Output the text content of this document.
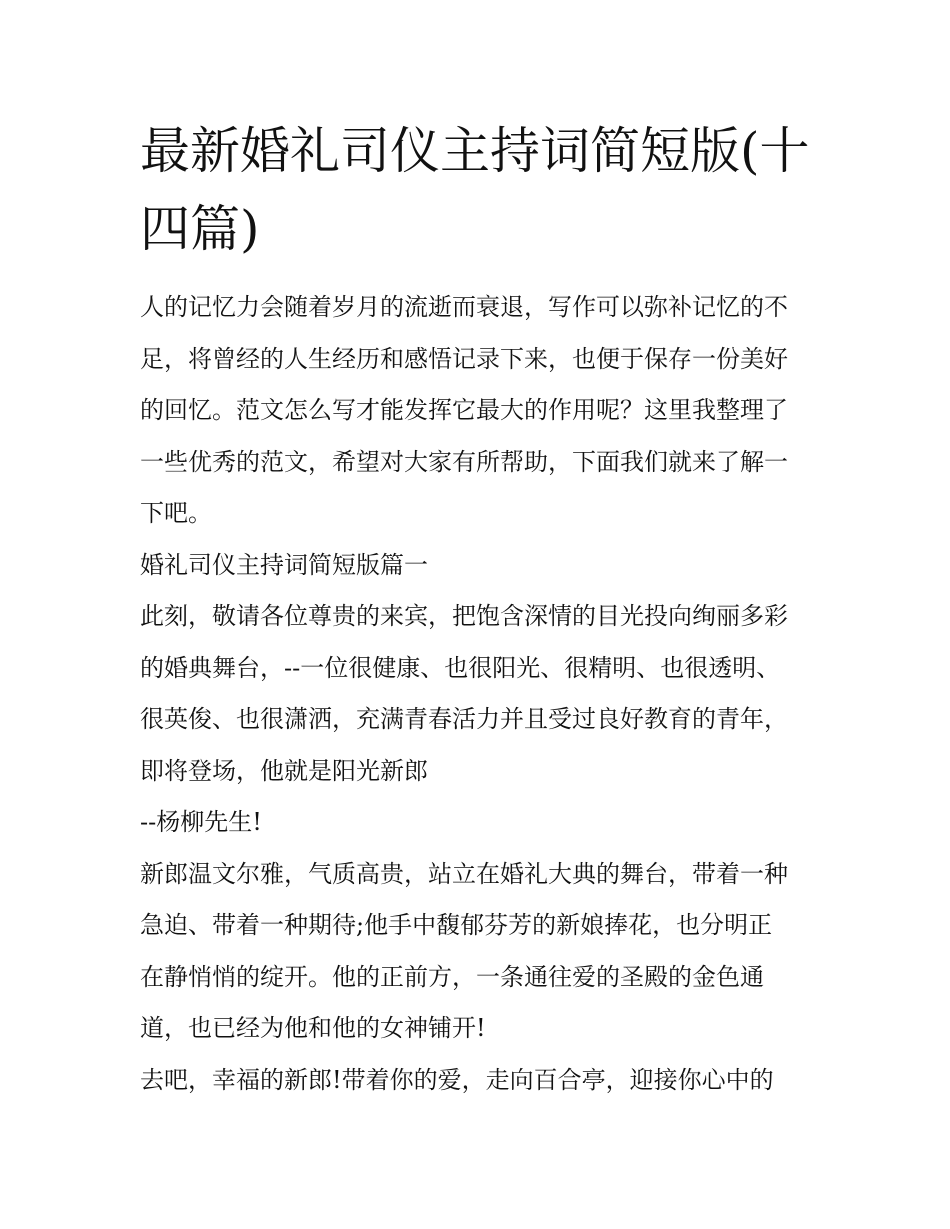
最新婚礼司仪主持词简短版(十
四篇)

人的记忆力会随着岁月的流逝而衰退，写作可以弥补记忆的不
足，将曾经的人生经历和感悟记录下来，也便于保存一份美好
的回忆。范文怎么写才能发挥它最大的作用呢？这里我整理了
一些优秀的范文，希望对大家有所帮助，下面我们就来了解一
下吧。

婚礼司仪主持词简短版篇一

此刻，敬请各位尊贵的来宾，把饱含深情的目光投向绚丽多彩
的婚典舞台，--一位很健康、也很阳光、很精明、也很透明、
很英俊、也很潇洒，充满青春活力并且受过良好教育的青年，
即将登场，他就是阳光新郎

--杨柳先生!

新郎温文尔雅，气质高贵，站立在婚礼大典的舞台，带着一种
急迫、带着一种期待;他手中馥郁芬芳的新娘捧花，也分明正
在静悄悄的绽开。他的正前方，一条通往爱的圣殿的金色通
道，也已经为他和他的女神铺开!

去吧，幸福的新郎!带着你的爱，走向百合亭，迎接你心中的
